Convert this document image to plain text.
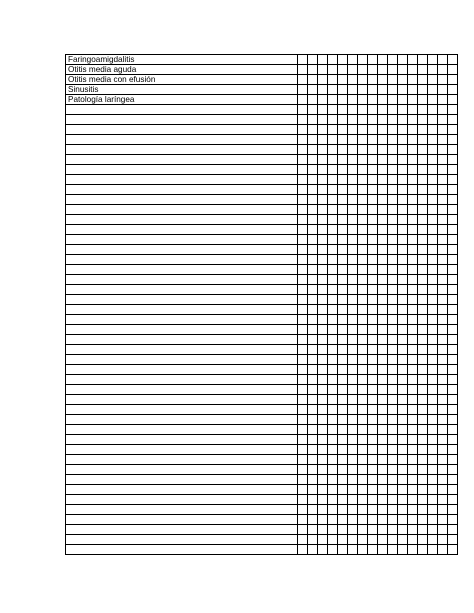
Faringoamigdalitis																
Otitis media aguda																
Otitis media con efusión																
Sinusitis																
Patología laríngea																
